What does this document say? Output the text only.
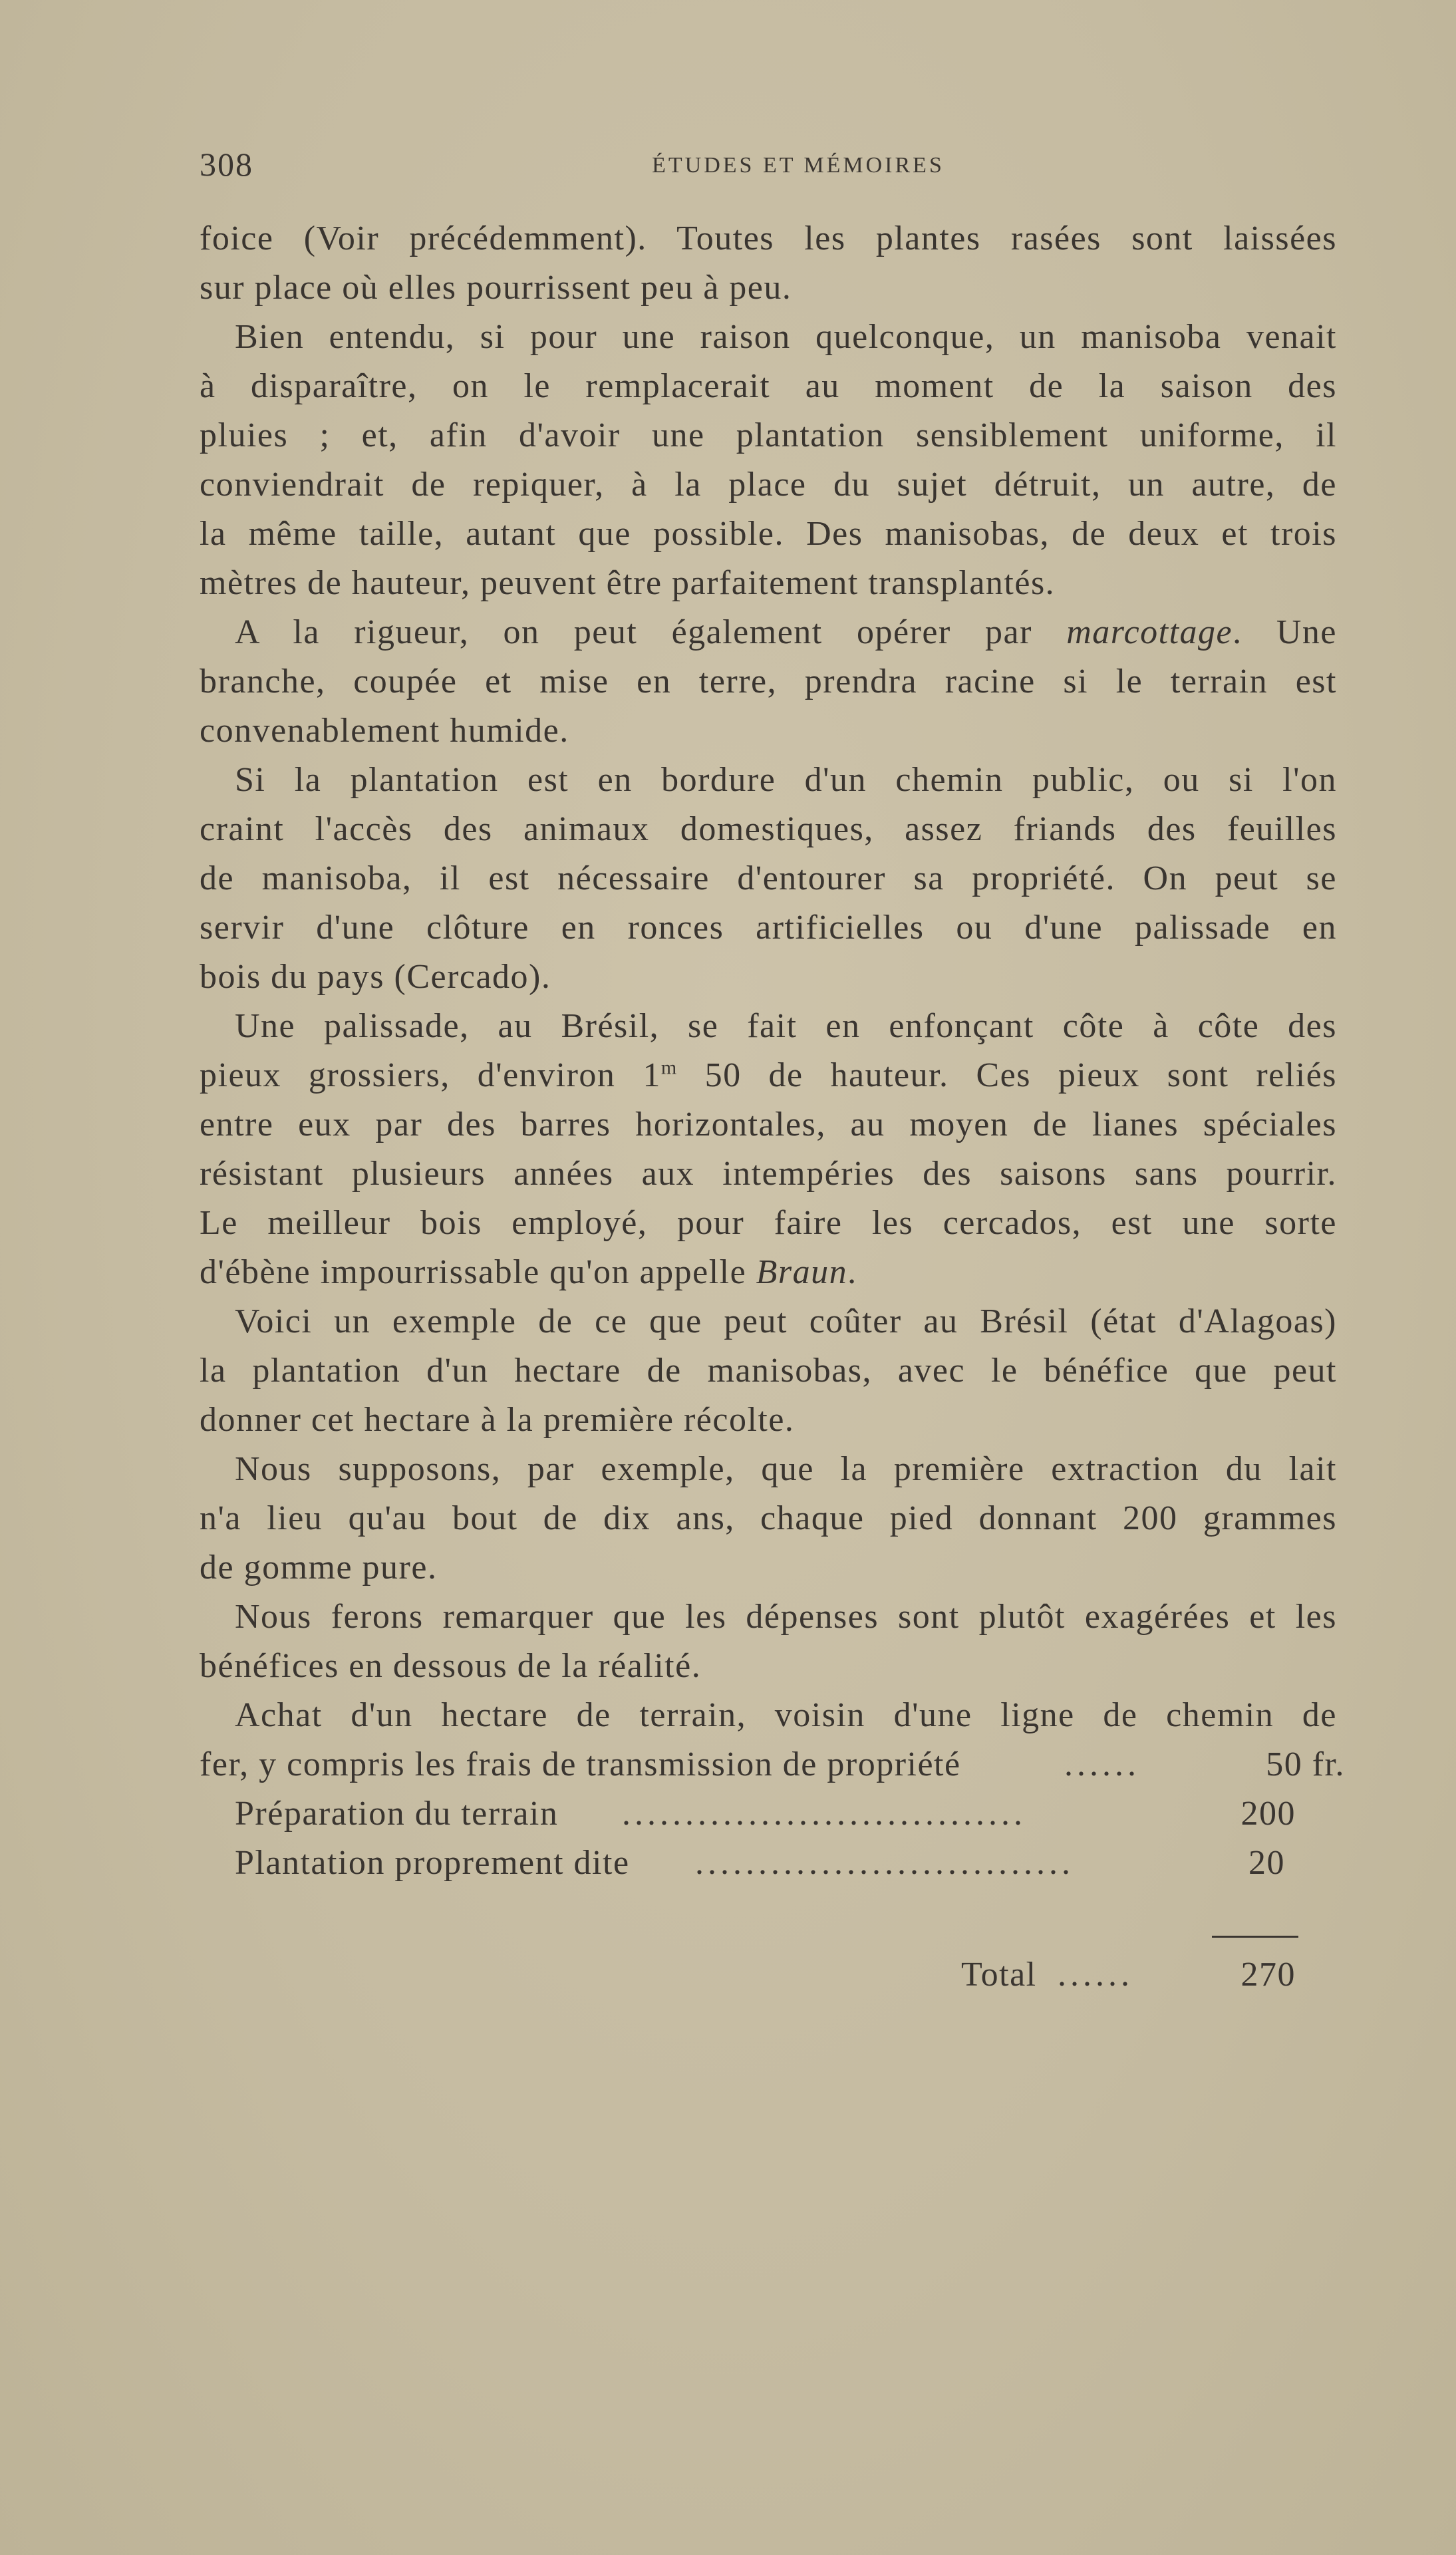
308	ÉTUDES ET MÉMOIRES
foice (Voir précédemment). Toutes les plantes rasées sont laissées
sur place où elles pourrissent peu à peu.
Bien entendu, si pour une raison quelconque, un manisoba venait
à disparaître, on le remplacerait au moment de la saison des
pluies ; et, afin d'avoir une plantation sensiblement uniforme, il
conviendrait de repiquer, à la place du sujet détruit, un autre, de
la même taille, autant que possible. Des manisobas, de deux et trois
mètres de hauteur, peuvent être parfaitement transplantés.
A la rigueur, on peut également opérer par marcottage. Une
branche, coupée et mise en terre, prendra racine si le terrain est
convenablement humide.
Si la plantation est en bordure d'un chemin public, ou si l'on
craint l'accès des animaux domestiques, assez friands des feuilles
de manisoba, il est nécessaire d'entourer sa propriété. On peut se
servir d'une clôture en ronces artificielles ou d'une palissade en
bois du pays (Cercado).
Une palissade, au Brésil, se fait en enfonçant côte à côte des
pieux grossiers, d'environ 1$^m$ 50 de hauteur. Ces pieux sont reliés
entre eux par des barres horizontales, au moyen de lianes spéciales
résistant plusieurs années aux intempéries des saisons sans pourrir.
Le meilleur bois employé, pour faire les cercados, est une sorte
d'ébène impourrissable qu'on appelle Braun.
Voici un exemple de ce que peut coûter au Brésil (état d'Alagoas)
la plantation d'un hectare de manisobas, avec le bénéfice que peut
donner cet hectare à la première récolte.
Nous supposons, par exemple, que la première extraction du lait
n'a lieu qu'au bout de dix ans, chaque pied donnant 200 grammes
de gomme pure.
Nous ferons remarquer que les dépenses sont plutôt exagérées et les
bénéfices en dessous de la réalité.
Achat d'un hectare de terrain, voisin d'une ligne de chemin de
fer, y compris les frais de transmission de propriété	......	50 fr.
Préparation du terrain ................................	200
Plantation proprement dite ..............................	20
Total ......	270
